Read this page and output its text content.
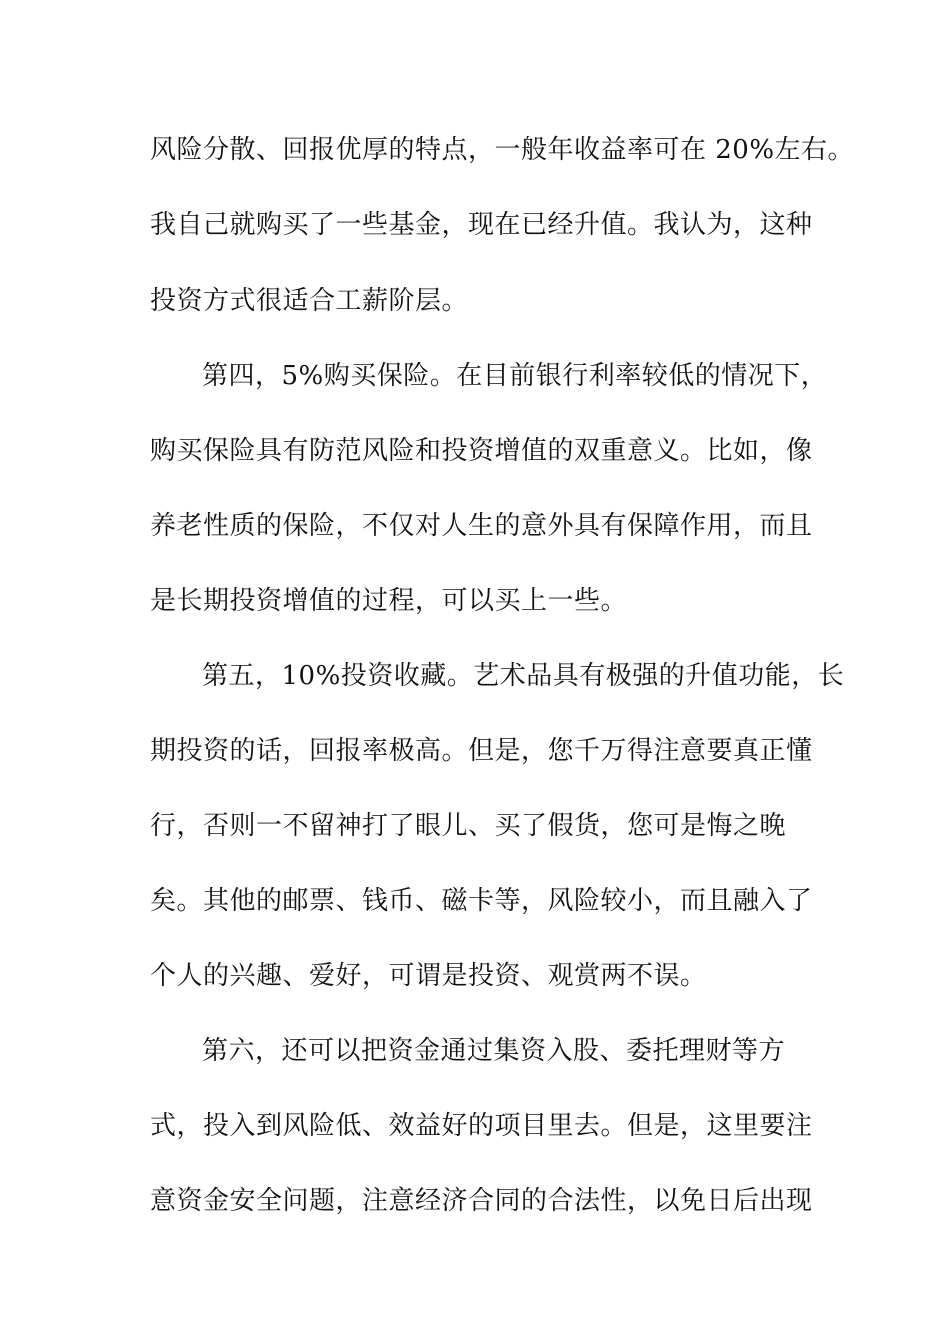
风险分散、回报优厚的特点，一般年收益率可在 20%左右。
我自己就购买了一些基金，现在已经升值。我认为，这种
投资方式很适合工薪阶层。
第四，5%购买保险。在目前银行利率较低的情况下，
购买保险具有防范风险和投资增值的双重意义。比如，像
养老性质的保险，不仅对人生的意外具有保障作用，而且
是长期投资增值的过程，可以买上一些。
第五，10%投资收藏。艺术品具有极强的升值功能，长
期投资的话，回报率极高。但是，您千万得注意要真正懂
行，否则一不留神打了眼儿、买了假货，您可是悔之晚
矣。其他的邮票、钱币、磁卡等，风险较小，而且融入了
个人的兴趣、爱好，可谓是投资、观赏两不误。
第六，还可以把资金通过集资入股、委托理财等方
式，投入到风险低、效益好的项目里去。但是，这里要注
意资金安全问题，注意经济合同的合法性，以免日后出现
